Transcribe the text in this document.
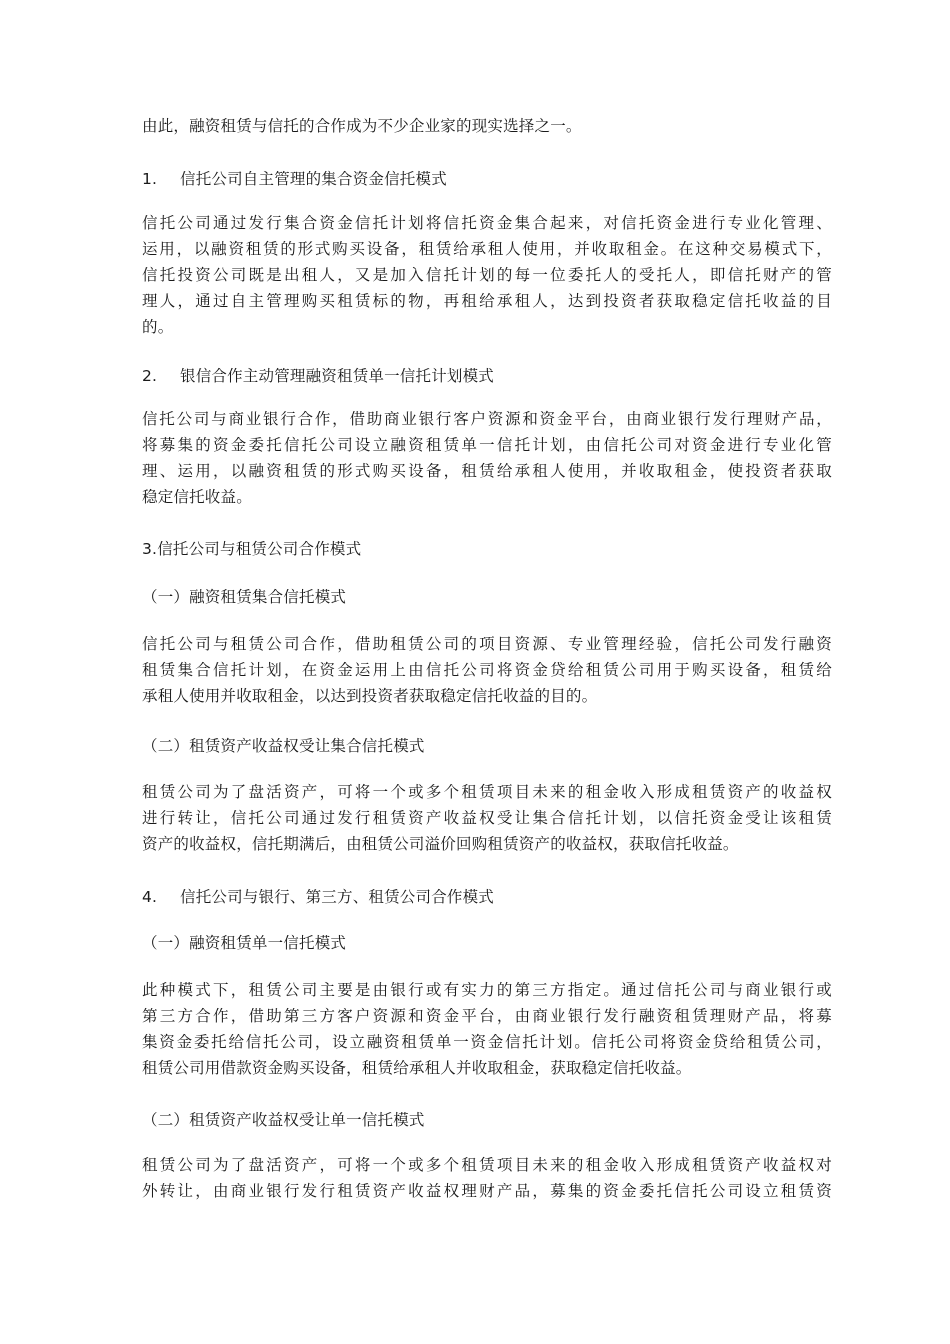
由此，融资租赁与信托的合作成为不少企业家的现实选择之一。
1. 信托公司自主管理的集合资金信托模式
信托公司通过发行集合资金信托计划将信托资金集合起来，对信托资金进行专业化管理、
运用，以融资租赁的形式购买设备，租赁给承租人使用，并收取租金。在这种交易模式下，
信托投资公司既是出租人，又是加入信托计划的每一位委托人的受托人，即信托财产的管
理人，通过自主管理购买租赁标的物，再租给承租人，达到投资者获取稳定信托收益的目
的。
2. 银信合作主动管理融资租赁单一信托计划模式
信托公司与商业银行合作，借助商业银行客户资源和资金平台，由商业银行发行理财产品，
将募集的资金委托信托公司设立融资租赁单一信托计划，由信托公司对资金进行专业化管
理、运用，以融资租赁的形式购买设备，租赁给承租人使用，并收取租金，使投资者获取
稳定信托收益。
3.信托公司与租赁公司合作模式
（一）融资租赁集合信托模式
信托公司与租赁公司合作，借助租赁公司的项目资源、专业管理经验，信托公司发行融资
租赁集合信托计划，在资金运用上由信托公司将资金贷给租赁公司用于购买设备，租赁给
承租人使用并收取租金，以达到投资者获取稳定信托收益的目的。
（二）租赁资产收益权受让集合信托模式
租赁公司为了盘活资产，可将一个或多个租赁项目未来的租金收入形成租赁资产的收益权
进行转让，信托公司通过发行租赁资产收益权受让集合信托计划，以信托资金受让该租赁
资产的收益权，信托期满后，由租赁公司溢价回购租赁资产的收益权，获取信托收益。
4. 信托公司与银行、第三方、租赁公司合作模式
（一）融资租赁单一信托模式
此种模式下，租赁公司主要是由银行或有实力的第三方指定。通过信托公司与商业银行或
第三方合作，借助第三方客户资源和资金平台，由商业银行发行融资租赁理财产品，将募
集资金委托给信托公司，设立融资租赁单一资金信托计划。信托公司将资金贷给租赁公司，
租赁公司用借款资金购买设备，租赁给承租人并收取租金，获取稳定信托收益。
（二）租赁资产收益权受让单一信托模式
租赁公司为了盘活资产，可将一个或多个租赁项目未来的租金收入形成租赁资产收益权对
外转让，由商业银行发行租赁资产收益权理财产品，募集的资金委托信托公司设立租赁资
